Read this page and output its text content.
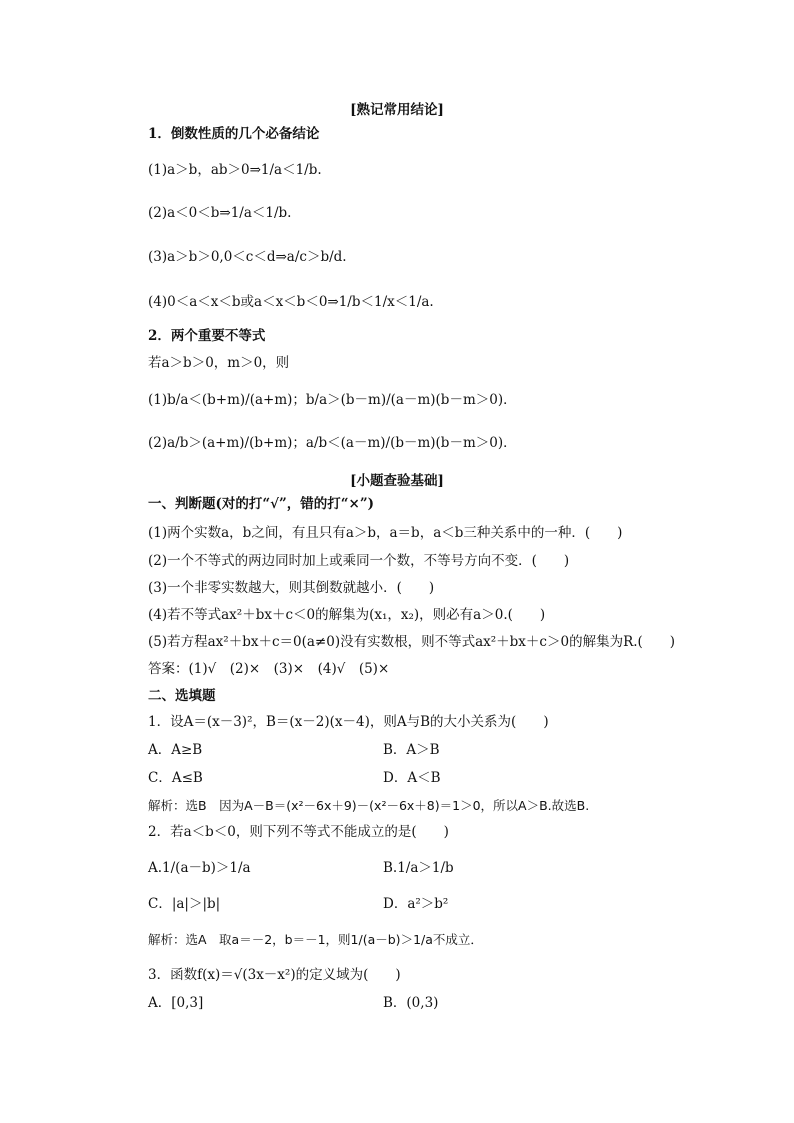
[熟记常用结论]
1．倒数性质的几个必备结论
(1)a＞b，ab＞0⇒1/a＜1/b.
(2)a＜0＜b⇒1/a＜1/b.
(3)a＞b＞0,0＜c＜d⇒a/c＞b/d.
(4)0＜a＜x＜b或a＜x＜b＜0⇒1/b＜1/x＜1/a.
2．两个重要不等式
若a＞b＞0，m＞0，则
(1)b/a＜(b+m)/(a+m)；b/a＞(b－m)/(a－m)(b－m＞0)．
(2)a/b＞(a+m)/(b+m)；a/b＜(a－m)/(b－m)(b－m＞0)．
[小题查验基础]
一、判断题(对的打“√”，错的打“×”)
(1)两个实数a，b之间，有且只有a＞b，a＝b，a＜b三种关系中的一种．(　　)
(2)一个不等式的两边同时加上或乘同一个数，不等号方向不变．(　　)
(3)一个非零实数越大，则其倒数就越小．(　　)
(4)若不等式ax²＋bx＋c＜0的解集为(x₁，x₂)，则必有a＞0.(　　)
(5)若方程ax²＋bx＋c＝0(a≠0)没有实数根，则不等式ax²＋bx＋c＞0的解集为R.(　　)
答案：(1)√　(2)×　(3)×　(4)√　(5)×
二、选填题
1．设A＝(x－3)²，B＝(x－2)(x－4)，则A与B的大小关系为(　　)
A．A≥B	B．A＞B
C．A≤B	D．A＜B
解析：选B　因为A－B＝(x²－6x＋9)－(x²－6x＋8)＝1＞0，所以A＞B.故选B.
2．若a＜b＜0，则下列不等式不能成立的是(　　)
A.1/(a－b)＞1/a	B.1/a＞1/b
C．|a|＞|b|	D．a²＞b²
解析：选A　取a＝－2，b＝－1，则1/(a－b)＞1/a不成立．
3．函数f(x)＝√(3x－x²)的定义域为(　　)
A．[0,3]	B．(0,3)
